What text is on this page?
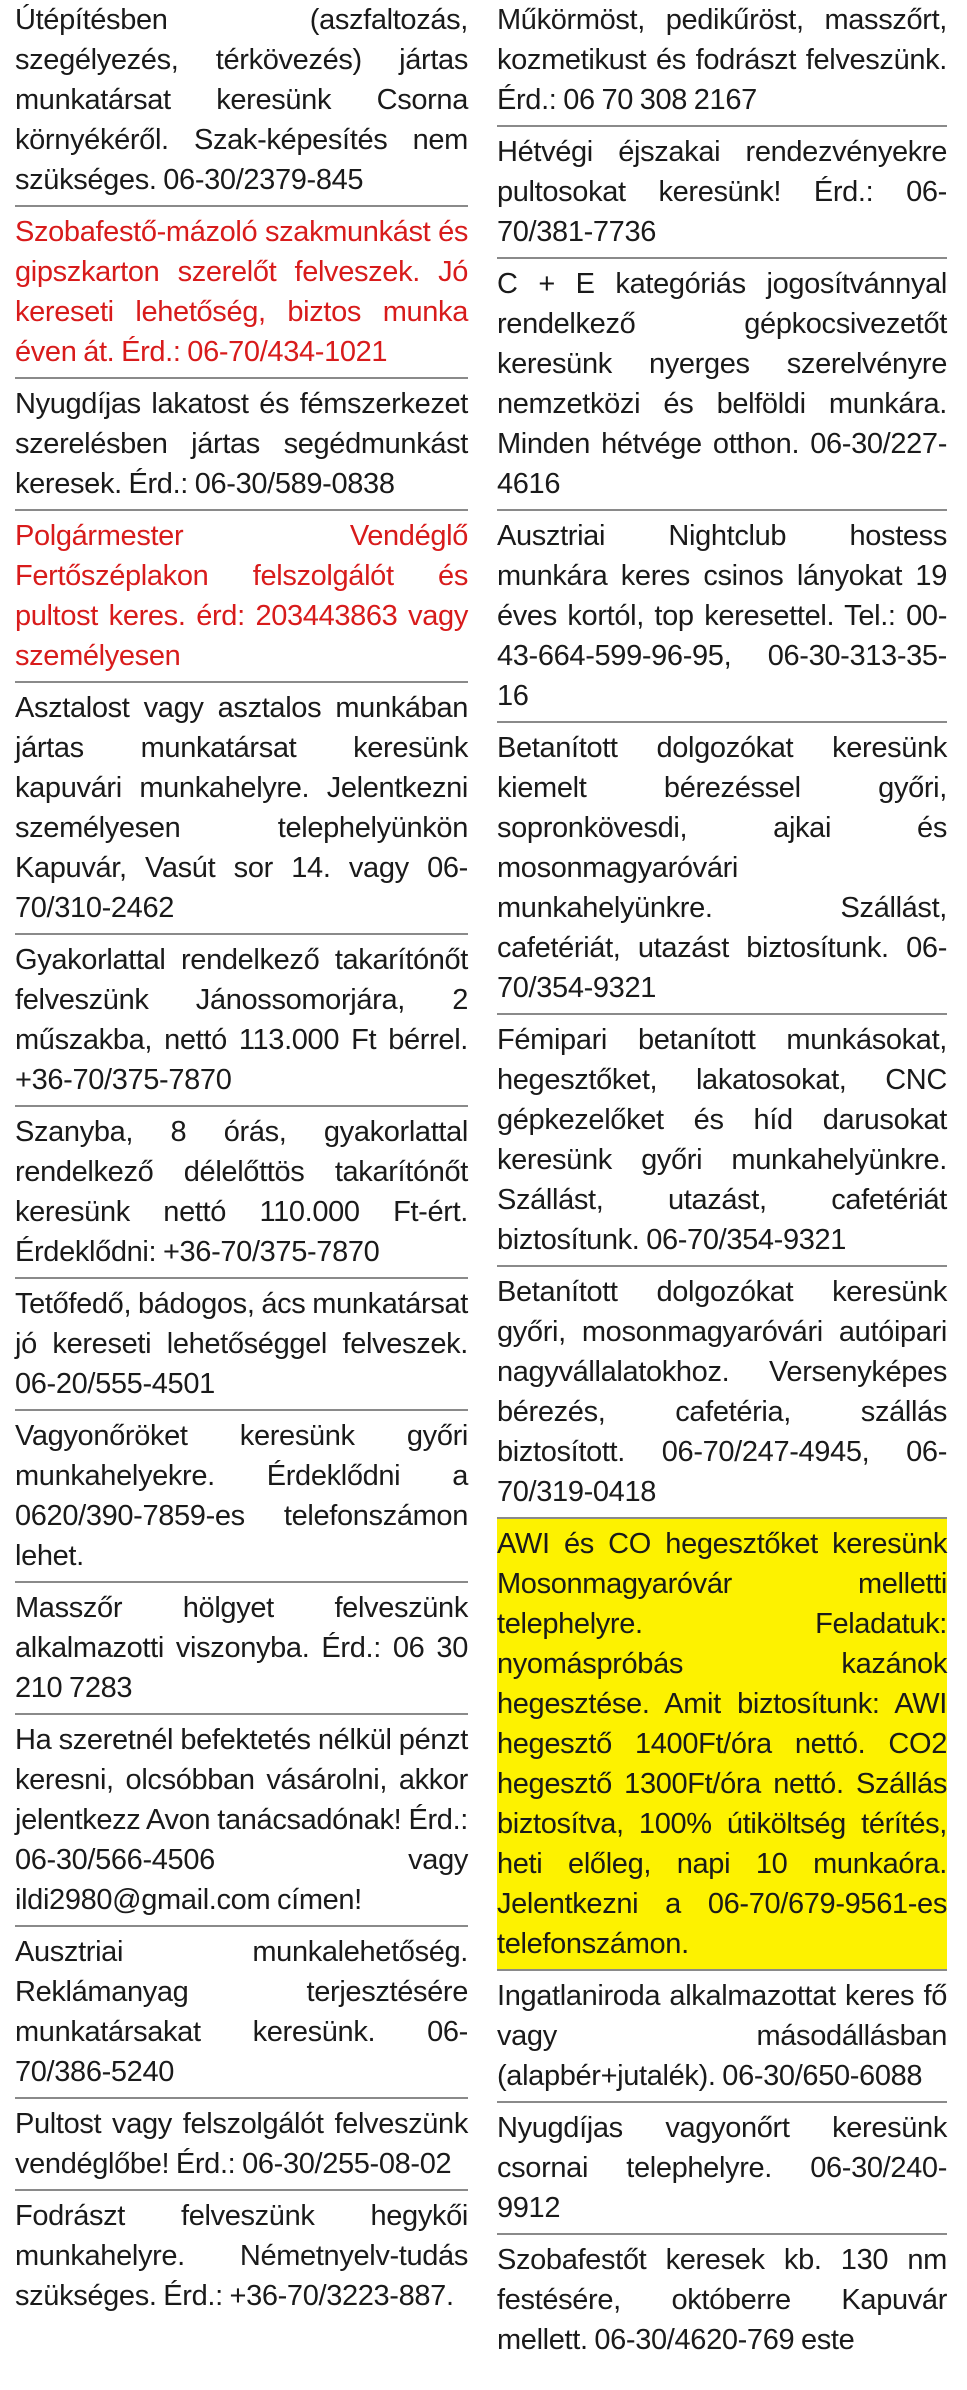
Útépítésben (aszfaltozás, szegélyezés, térkövezés) jártas munkatársat keresünk Csorna környékéről. Szak-képesítés nem szükséges. 06-30/2379-845

Szobafestő-mázoló szakmunkást és gipszkarton szerelőt felveszek. Jó kereseti lehetőség, biztos munka éven át. Érd.: 06-70/434-1021

Nyugdíjas lakatost és fémszerkezet szerelésben jártas segédmunkást keresek. Érd.: 06-30/589-0838

Polgármester Vendéglő Fertőszéplakon felszolgálót és pultost keres. érd: 203443863 vagy személyesen

Asztalost vagy asztalos munkában jártas munkatársat keresünk kapuvári munkahelyre. Jelentkezni személyesen telephelyünkön Kapuvár, Vasút sor 14. vagy 06-70/310-2462

Gyakorlattal rendelkező takarítónőt felveszünk Jánossomorjára, 2 műszakba, nettó 113.000 Ft bérrel. +36-70/375-7870

Szanyba, 8 órás, gyakorlattal rendelkező délelőttös takarítónőt keresünk nettó 110.000 Ft-ért. Érdeklődni: +36-70/375-7870

Tetőfedő, bádogos, ács munkatársat jó kereseti lehetőséggel felveszek. 06-20/555-4501

Vagyonőröket keresünk győri munkahelyekre. Érdeklődni a 0620/390-7859-es telefonszámon lehet.

Masszőr hölgyet felveszünk alkalmazotti viszonyba. Érd.: 06 30 210 7283

Ha szeretnél befektetés nélkül pénzt keresni, olcsóbban vásárolni, akkor jelentkezz Avon tanácsadónak! Érd.: 06-30/566-4506 vagy ildi2980@gmail.com címen!

Ausztriai munkalehetőség. Reklámanyag terjesztésére munkatársakat keresünk. 06-70/386-5240

Pultost vagy felszolgálót felveszünk vendéglőbe! Érd.: 06-30/255-08-02

Fodrászt felveszünk hegykői munkahelyre. Németnyelv-tudás szükséges. Érd.: +36-70/3223-887.

Műkörmöst, pedikűröst, masszőrt, kozmetikust és fodrászt felveszünk. Érd.: 06 70 308 2167

Hétvégi éjszakai rendezvényekre pultosokat keresünk! Érd.: 06-70/381-7736

C + E kategóriás jogosítvánnyal rendelkező gépkocsivezetőt keresünk nyerges szerelvényre nemzetközi és belföldi munkára. Minden hétvége otthon. 06-30/227-4616

Ausztriai Nightclub hostess munkára keres csinos lányokat 19 éves kortól, top keresettel. Tel.: 00-43-664-599-96-95, 06-30-313-35-16

Betanított dolgozókat keresünk kiemelt bérezéssel győri, sopronkövesdi, ajkai és mosonmagyaróvári munkahelyünkre. Szállást, cafetériát, utazást biztosítunk. 06-70/354-9321

Fémipari betanított munkásokat, hegesztőket, lakatosokat, CNC gépkezelőket és híd darusokat keresünk győri munkahelyünkre. Szállást, utazást, cafetériát biztosítunk. 06-70/354-9321

Betanított dolgozókat keresünk győri, mosonmagyaróvári autóipari nagyvállalatokhoz. Versenyképes bérezés, cafetéria, szállás biztosított. 06-70/247-4945, 06-70/319-0418

AWI és CO hegesztőket keresünk Mosonmagyaróvár melletti telephelyre. Feladatuk: nyomáspróbás kazánok hegesztése. Amit biztosítunk: AWI hegesztő 1400Ft/óra nettó. CO2 hegesztő 1300Ft/óra nettó. Szállás biztosítva, 100% útiköltség térítés, heti előleg, napi 10 munkaóra. Jelentkezni a 06-70/679-9561-es telefonszámon.

Ingatlaniroda alkalmazottat keres fő vagy másodállásban (alapbér+jutalék). 06-30/650-6088

Nyugdíjas vagyonőrt keresünk csornai telephelyre. 06-30/240-9912

Szobafestőt keresek kb. 130 nm festésére, októberre Kapuvár mellett. 06-30/4620-769 este
